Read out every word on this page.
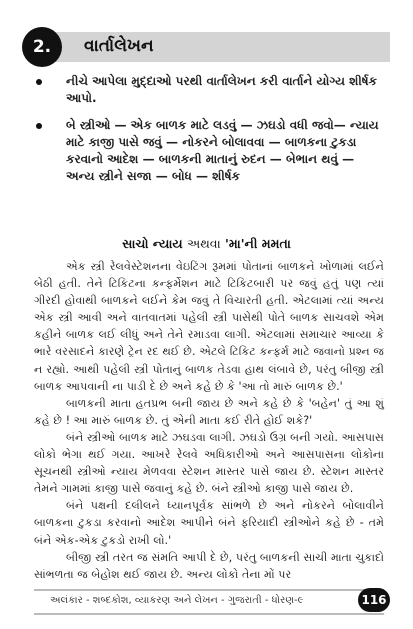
2.	વાર્તાલેખન
નીચે આપેલા મુદ્દાઓ પરથી વાર્તાલેખન કરી વાર્તાને યોગ્ય શીર્ષક આપો.
બે સ્ત્રીઓ — એક બાળક માટે લડવું — ઝઘડો વધી જવો— ન્યાય માટે કાજી પાસે જવું — નોકરને બોલાવવા — બાળકના ટુકડા કરવાનો આદેશ — બાળકની માતાનું રુદન — બેભાન થવું — અન્ય સ્ત્રીને સજા — બોધ — શીર્ષક
સાચો ન્યાય અથવા 'મા'ની મમતા

એક સ્ત્રી રેલવેસ્ટેશનના વેઇટિંગ રૂમમાં પોતાનાં બાળકને ખોળામાં લઈને બેઠી હતી. તેને ટિકિટના કન્ફર્મેશન માટે ટિકિટબારી પર જવું હતું પણ ત્યાં ગીરદી હોવાથી બાળકને લઈને કેમ જવું તે વિચારતી હતી. એટલામાં ત્યાં અન્ય એક સ્ત્રી આવી અને વાતવાતમાં પહેલી સ્ત્રી પાસેથી પોતે બાળક સાચવશે એમ કહીને બાળક લઈ લીધું અને તેને રમાડવા લાગી. એટલામાં સમાચાર આવ્યા કે ભારે વરસાદને કારણે ટ્રેન રદ થઈ છે. એટલે ટિકિટ કન્ફર્મ માટે જવાનો પ્રશ્ન જ ન રહ્યો. આથી પહેલી સ્ત્રી પોતાનું બાળક તેડવા હાથ લંબાવે છે, પરંતુ બીજી સ્ત્રી બાળક આપવાની ના પાડી દે છે અને કહે છે કે 'આ તો મારું બાળક છે.'

બાળકની માતા હતપ્રભ બની જાય છે અને કહે છે કે 'બહેન' તું આ શું કહે છે ! આ મારું બાળક છે. તું એની માતા કઈ રીતે હોઈ શકે?'

બંને સ્ત્રીઓ બાળક માટે ઝઘડવા લાગી. ઝઘડો ઉગ્ર બની ગયો. આસપાસ લોકો ભેગા થઈ ગયા. આખરે રેલવે અધિકારીઓ અને આસપાસના લોકોના સૂચનથી સ્ત્રીઓ ન્યાય મેળવવા સ્ટેશન માસ્તર પાસે જાય છે. સ્ટેશન માસ્તર તેમને ગામમાં કાજી પાસે જવાનું કહે છે. બંને સ્ત્રીઓ કાજી પાસે જાય છે.

બંને પક્ષની દલીલને ધ્યાનપૂર્વક સાંભળે છે અને નોકરને બોલાવીને બાળકના ટુકડા કરવાનો આદેશ આપીને બંને ફરિયાદી સ્ત્રીઓને કહે છે - તમે બંને એક-એક ટુકડો રાખી લો.'

બીજી સ્ત્રી તરત જ સંમતિ આપી દે છે, પરંતુ બાળકની સાચી માતા ચુકાદો સાંભળતા જ બેહોશ થઈ જાય છે. અન્ય લોકો તેના મોં પર

અલંકાર - શબ્દકોશ, વ્યાકરણ અને લેખન - ગુજરાતી - ધોરણ-૯	116
